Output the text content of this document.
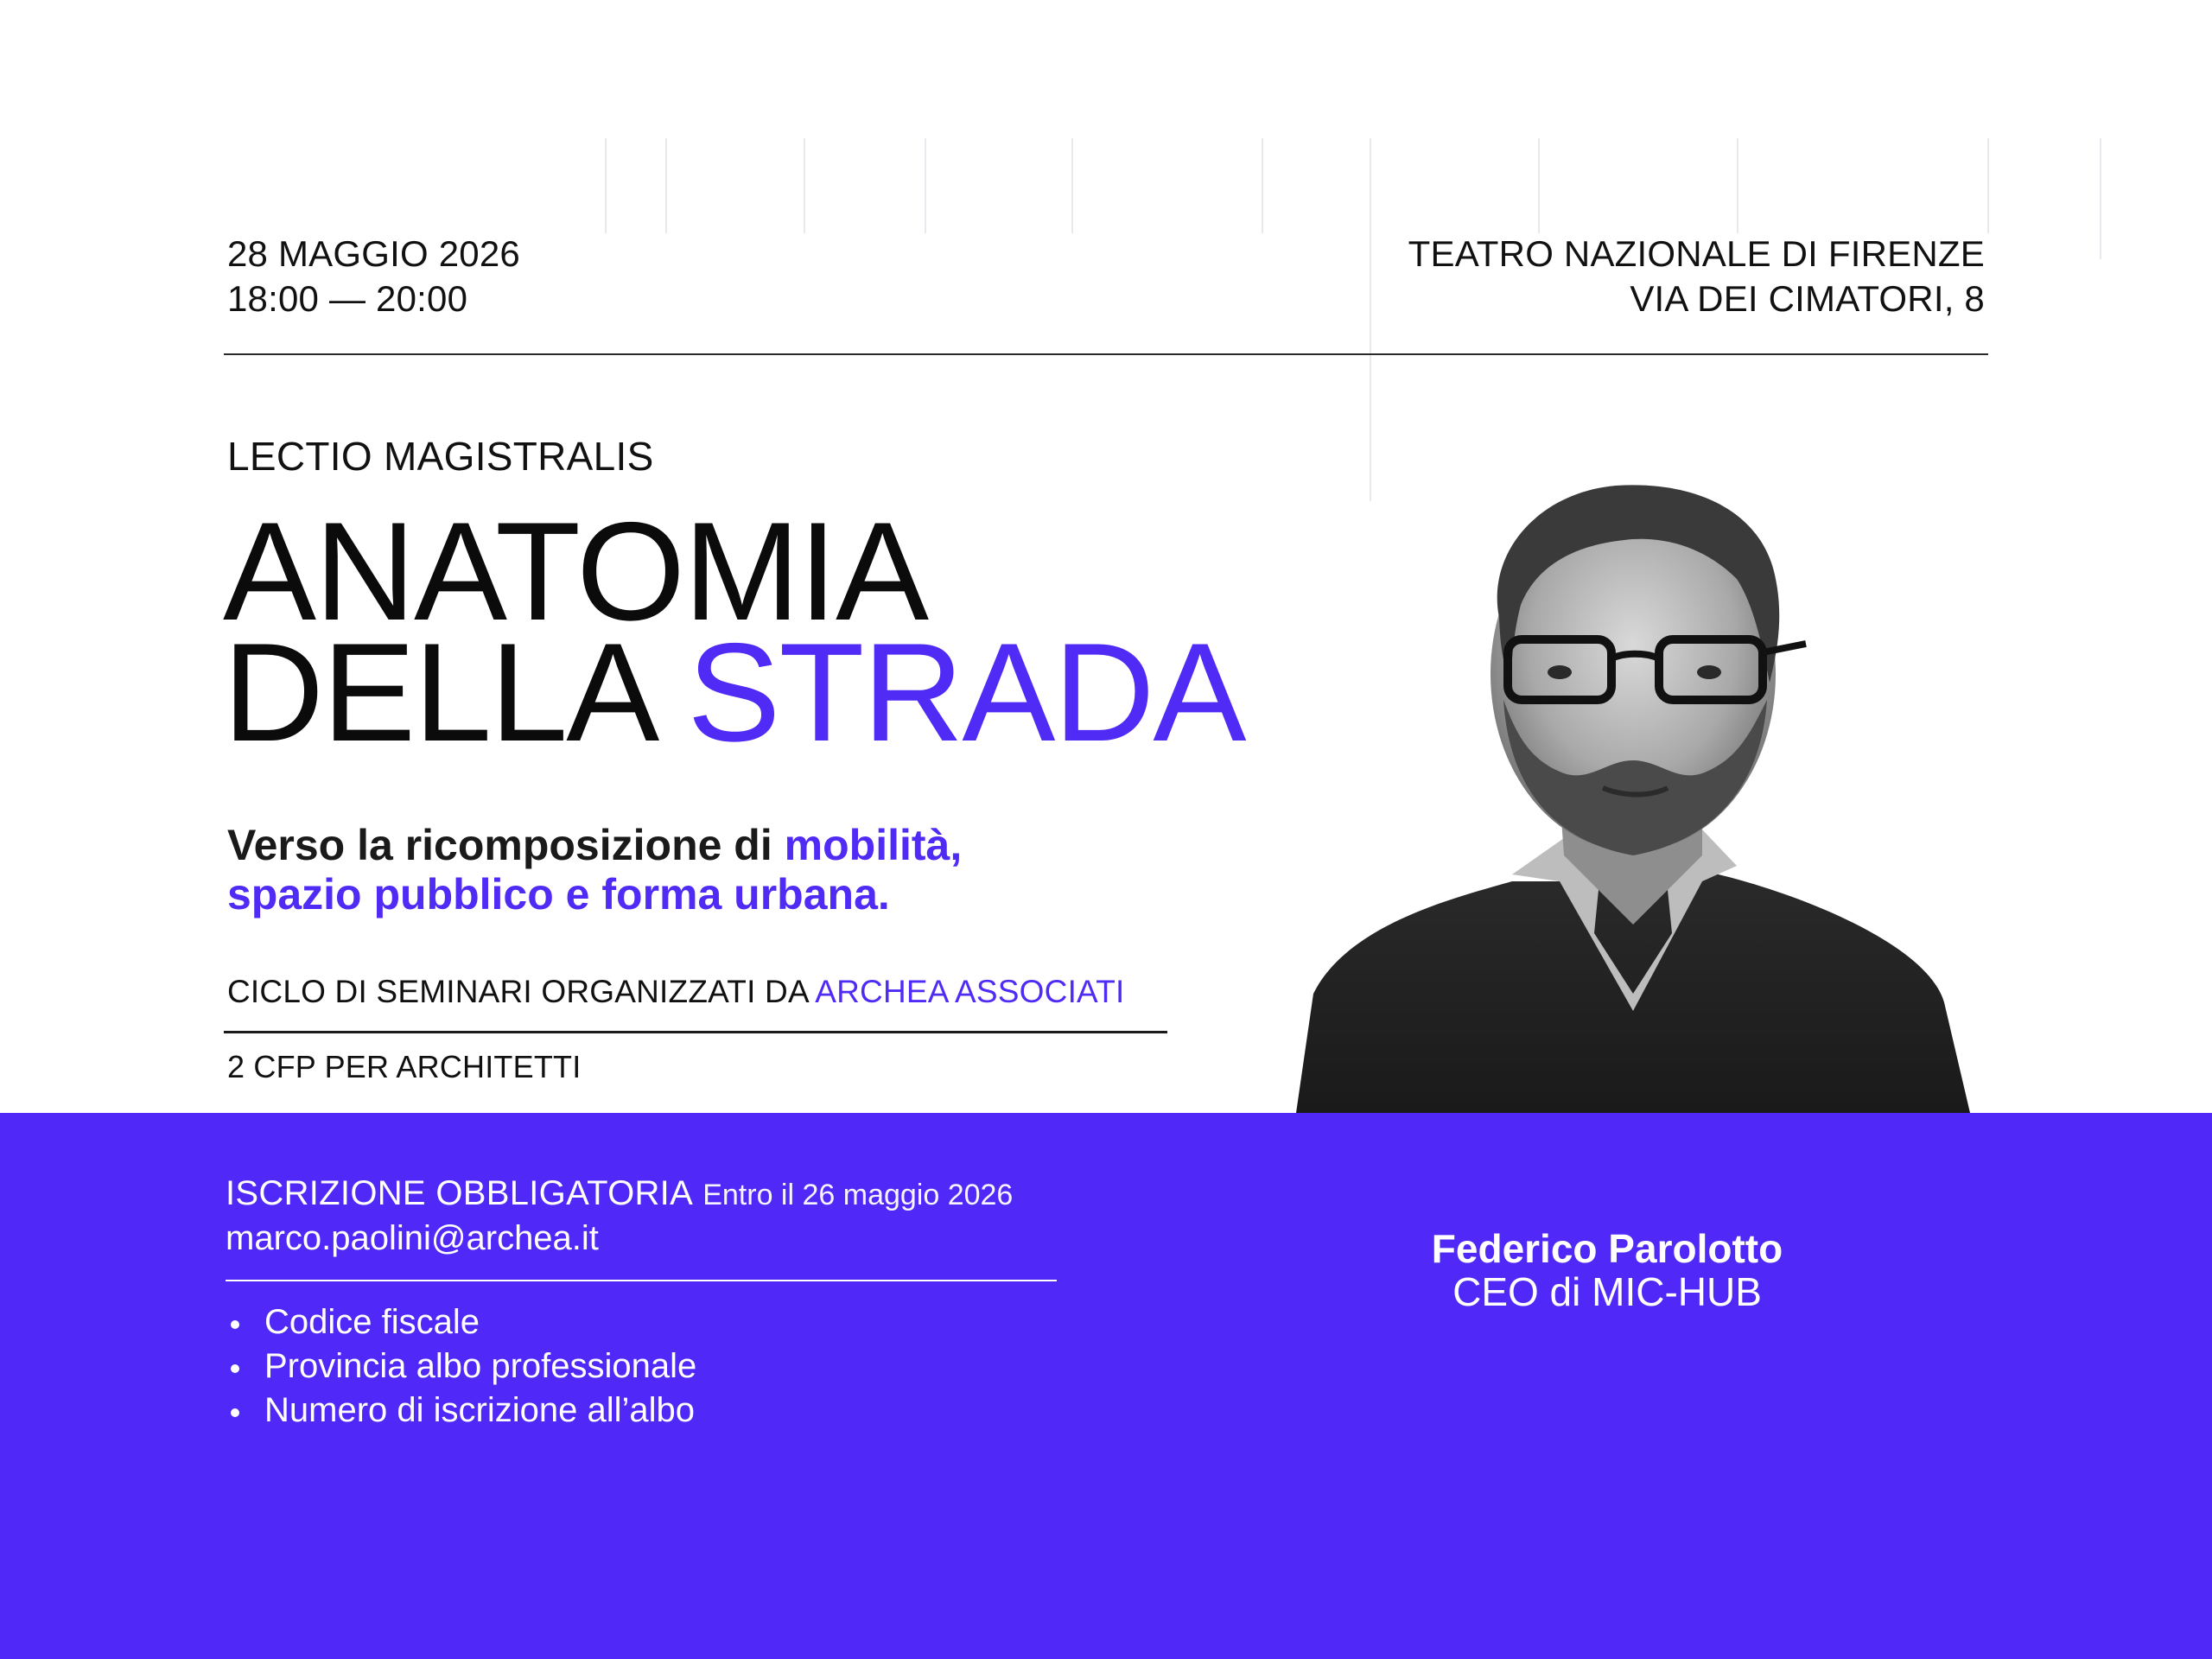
28 MAGGIO 2026
18:00 — 20:00
TEATRO NAZIONALE DI FIRENZE
VIA DEI CIMATORI, 8
LECTIO MAGISTRALIS
ANATOMIA
DELLA STRADA
Verso la ricomposizione di mobilità,
spazio pubblico e forma urbana.
CICLO DI SEMINARI ORGANIZZATI DA ARCHEA ASSOCIATI
2 CFP PER ARCHITETTI
ISCRIZIONE OBBLIGATORIA Entro il 26 maggio 2026
marco.paolini@archea.it
Codice fiscale
Provincia albo professionale
Numero di iscrizione all’albo
Federico Parolotto
CEO di MIC-HUB
